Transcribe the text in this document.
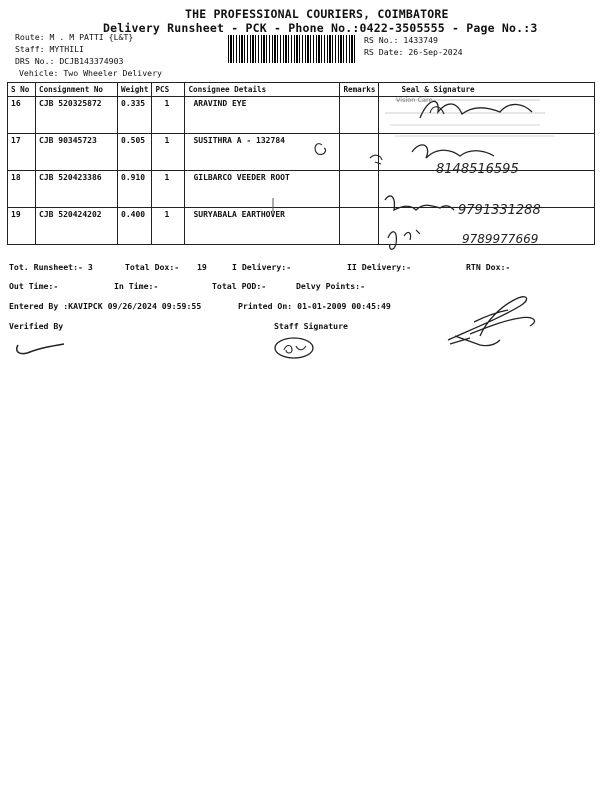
THE PROFESSIONAL COURIERS, COIMBATORE
Delivery Runsheet - PCK - Phone No.:0422-3505555 - Page No.:3
Route: M . M PATTI {L&T}
Staff: MYTHILI
DRS No.: DCJB143374903
Vehicle: Two Wheeler Delivery
RS No.: 1433749
RS Date: 26-Sep-2024
S No	Consignment No	Weight	PCS	Consignee Details	Remarks	Seal & Signature
16	CJB 520325872	0.335	1	ARAVIND EYE		
17	CJB 90345723	0.505	1	SUSITHRA A - 132784		
18	CJB 520423386	0.910	1	GILBARCO VEEDER ROOT		
19	CJB 520424202	0.400	1	SURYABALA EARTHOVER		
Vision Care
8148516595
9791331288
9789977669
Tot. Runsheet:- 3	Total Dox:- 19	I Delivery:-	II Delivery:-	RTN Dox:-
Out Time:-	In Time:-	Total POD:-	Delvy Points:-
Entered By :KAVIPCK 09/26/2024 09:59:55	Printed On: 01-01-2009 00:45:49
Verified By	Staff Signature
